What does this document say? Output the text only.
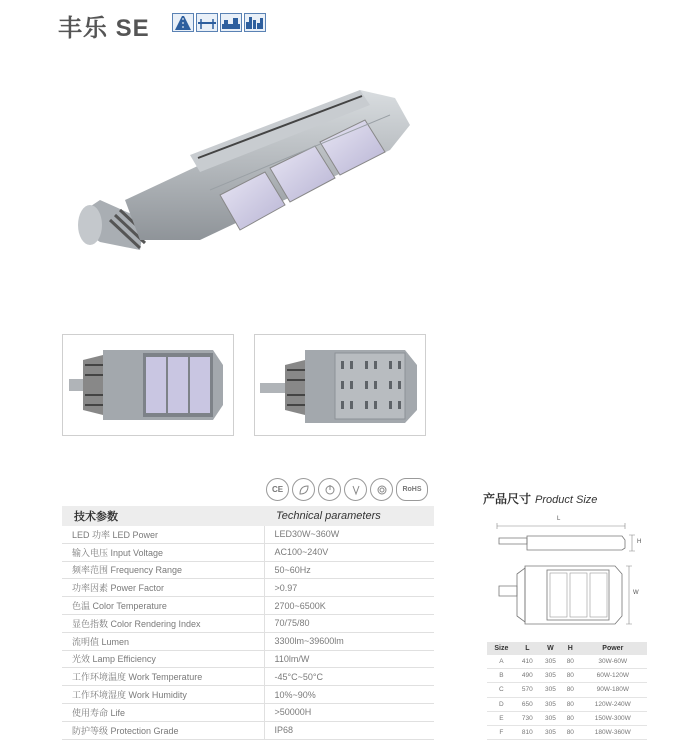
丰乐 SE
CE	RoHS
技术参数	Technical parameters
LED 功率 LED Power	LED30W~360W
输入电压 Input Voltage	AC100~240V
频率范围 Frequency Range	50~60Hz
功率因素 Power Factor	>0.97
色温 Color Temperature	2700~6500K
显色指数 Color Rendering Index	70/75/80
流明值 Lumen	3300lm~39600lm
光效 Lamp Efficiency	110lm/W
工作环境温度 Work Temperature	-45°C~50°C
工作环境湿度 Work Humidity	10%~90%
使用寿命 Life	>50000H
防护等级 Protection Grade	IP68
产品尺寸 Product Size
L
H
W
Size	L	W	H	Power
A	410	305	80	30W-60W
B	490	305	80	60W-120W
C	570	305	80	90W-180W
D	650	305	80	120W-240W
E	730	305	80	150W-300W
F	810	305	80	180W-360W
